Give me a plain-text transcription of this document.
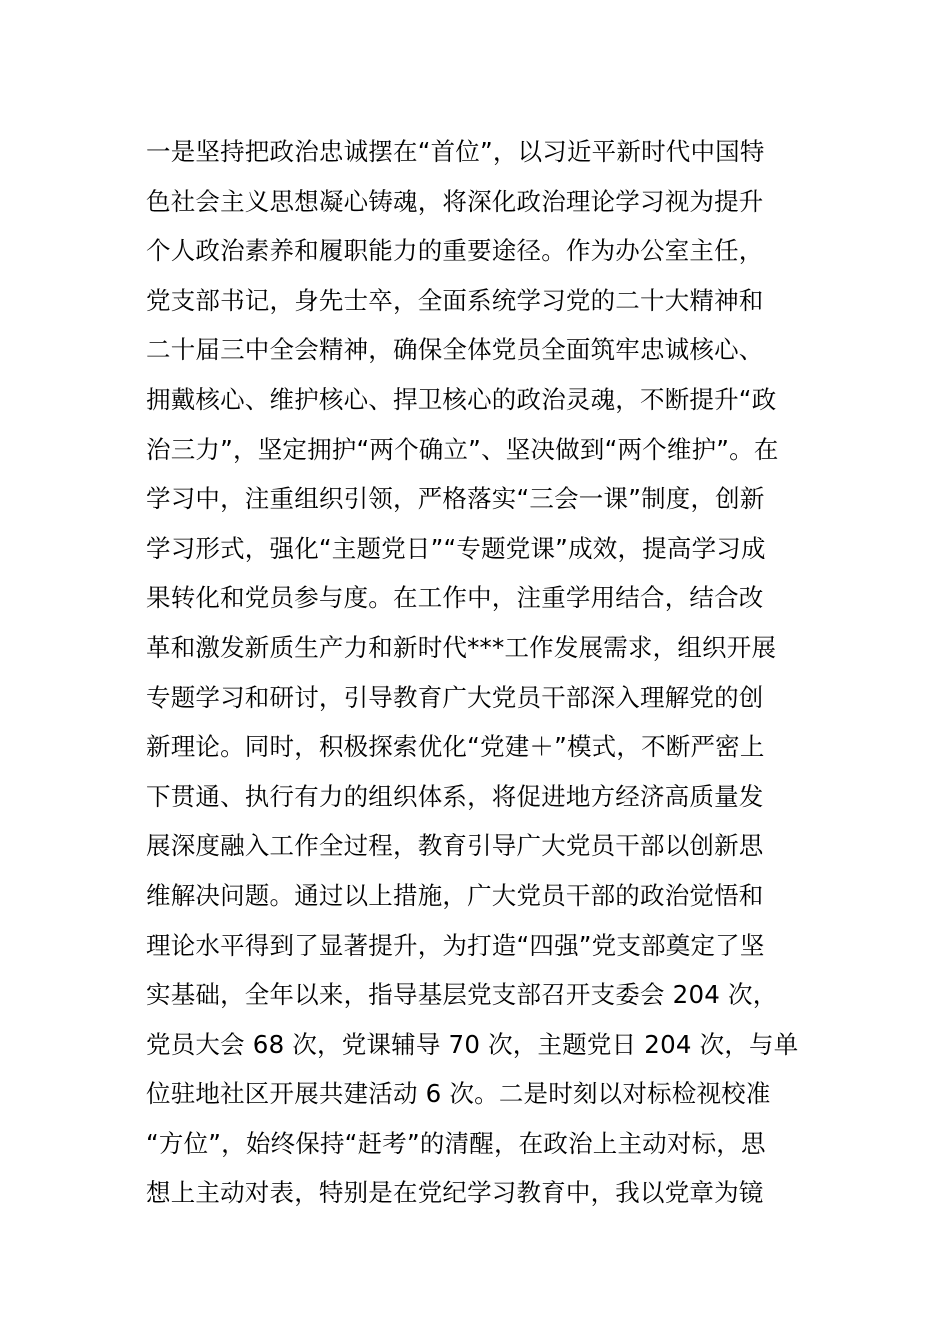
一是坚持把政治忠诚摆在“首位”，以习近平新时代中国特
色社会主义思想凝心铸魂，将深化政治理论学习视为提升
个人政治素养和履职能力的重要途径。作为办公室主任，
党支部书记，身先士卒，全面系统学习党的二十大精神和
二十届三中全会精神，确保全体党员全面筑牢忠诚核心、
拥戴核心、维护核心、捍卫核心的政治灵魂，不断提升“政
治三力”，坚定拥护“两个确立”、坚决做到“两个维护”。在
学习中，注重组织引领，严格落实“三会一课”制度，创新
学习形式，强化“主题党日”“专题党课”成效，提高学习成
果转化和党员参与度。在工作中，注重学用结合，结合改
革和激发新质生产力和新时代***工作发展需求，组织开展
专题学习和研讨，引导教育广大党员干部深入理解党的创
新理论。同时，积极探索优化“党建＋”模式，不断严密上
下贯通、执行有力的组织体系，将促进地方经济高质量发
展深度融入工作全过程，教育引导广大党员干部以创新思
维解决问题。通过以上措施，广大党员干部的政治觉悟和
理论水平得到了显著提升，为打造“四强”党支部奠定了坚
实基础，全年以来，指导基层党支部召开支委会 204 次，
党员大会 68 次，党课辅导 70 次，主题党日 204 次，与单
位驻地社区开展共建活动 6 次。二是时刻以对标检视校准
“方位”，始终保持“赶考”的清醒，在政治上主动对标，思
想上主动对表，特别是在党纪学习教育中，我以党章为镜
